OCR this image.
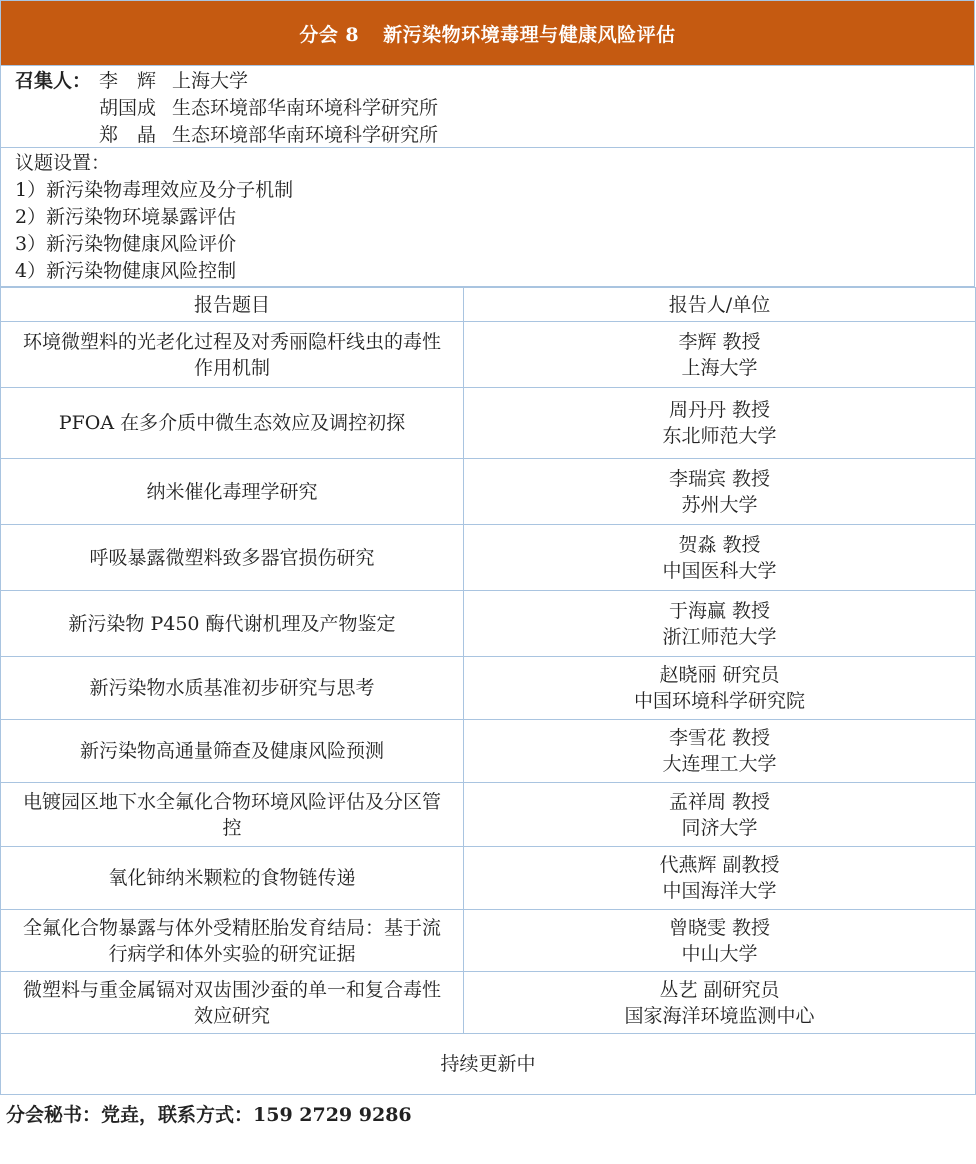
分会 8 新污染物环境毒理与健康风险评估
召集人： 李　辉 上海大学
胡国成 生态环境部华南环境科学研究所
郑　晶 生态环境部华南环境科学研究所
议题设置：
1）新污染物毒理效应及分子机制
2）新污染物环境暴露评估
3）新污染物健康风险评价
4）新污染物健康风险控制
报告题目	报告人/单位
环境微塑料的光老化过程及对秀丽隐杆线虫的毒性作用机制	李辉 教授
上海大学

PFOA 在多介质中微生态效应及调控初探	周丹丹 教授
东北师范大学

纳米催化毒理学研究	李瑞宾 教授
苏州大学

呼吸暴露微塑料致多器官损伤研究	贺淼 教授
中国医科大学

新污染物 P450 酶代谢机理及产物鉴定	于海赢 教授
浙江师范大学

新污染物水质基准初步研究与思考	赵晓丽 研究员
中国环境科学研究院

新污染物高通量筛查及健康风险预测	李雪花 教授
大连理工大学

电镀园区地下水全氟化合物环境风险评估及分区管控	孟祥周 教授
同济大学

氧化铈纳米颗粒的食物链传递	代燕辉 副教授
中国海洋大学

全氟化合物暴露与体外受精胚胎发育结局：基于流行病学和体外实验的研究证据	曾晓雯 教授
中山大学

微塑料与重金属镉对双齿围沙蚕的单一和复合毒性效应研究	丛艺 副研究员
国家海洋环境监测中心

持续更新中	
分会秘书：党垚，联系方式：159 2729 9286
